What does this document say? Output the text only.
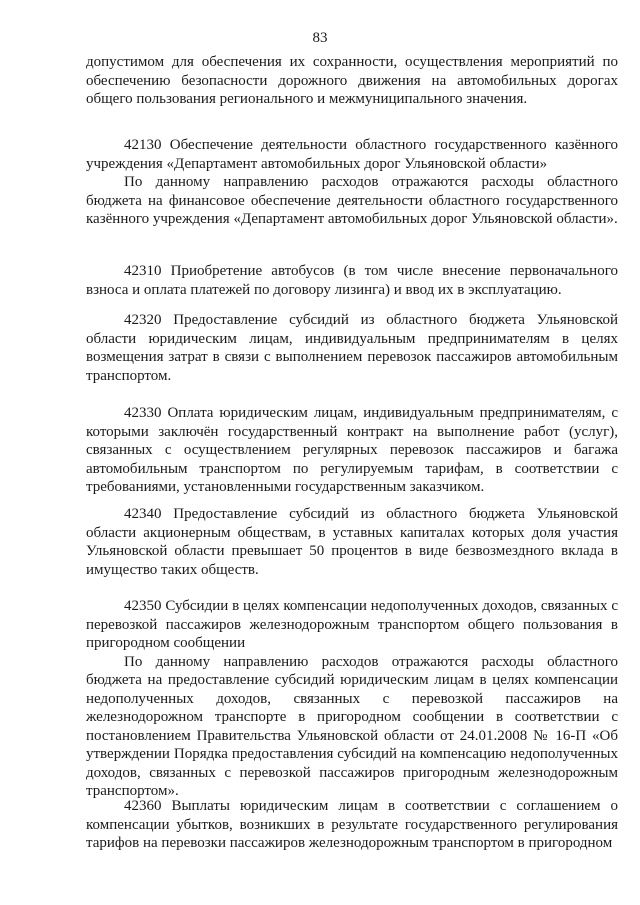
83

допустимом для обеспечения их сохранности, осуществления мероприятий по обеспечению безопасности дорожного движения на автомобильных дорогах общего пользования регионального и межмуниципального значения.

42130 Обеспечение деятельности областного государственного казённого учреждения «Департамент автомобильных дорог Ульяновской области»

По данному направлению расходов отражаются расходы областного бюджета на финансовое обеспечение деятельности областного государственного казённого учреждения «Департамент автомобильных дорог Ульяновской области».

42310 Приобретение автобусов (в том числе внесение первоначального взноса и оплата платежей по договору лизинга) и ввод их в эксплуатацию.

42320 Предоставление субсидий из областного бюджета Ульяновской области юридическим лицам, индивидуальным предпринимателям в целях возмещения затрат в связи с выполнением перевозок пассажиров автомобильным транспортом.

42330 Оплата юридическим лицам, индивидуальным предпринимателям, с которыми заключён государственный контракт на выполнение работ (услуг), связанных с осуществлением регулярных перевозок пассажиров и багажа автомобильным транспортом по регулируемым тарифам, в соответствии с требованиями, установленными государственным заказчиком.

42340 Предоставление субсидий из областного бюджета Ульяновской области акционерным обществам, в уставных капиталах которых доля участия Ульяновской области превышает 50 процентов в виде безвозмездного вклада в имущество таких обществ.

42350 Субсидии в целях компенсации недополученных доходов, связанных с перевозкой пассажиров железнодорожным транспортом общего пользования в пригородном сообщении

По данному направлению расходов отражаются расходы областного бюджета на предоставление субсидий юридическим лицам в целях компенсации недополученных доходов, связанных с перевозкой пассажиров на железнодорожном транспорте в пригородном сообщении в соответствии с постановлением Правительства Ульяновской области от 24.01.2008 № 16-П «Об утверждении Порядка предоставления субсидий на компенсацию недополученных доходов, связанных с перевозкой пассажиров пригородным железнодорожным транспортом».

42360 Выплаты юридическим лицам в соответствии с соглашением о компенсации убытков, возникших в результате государственного регулирования тарифов на перевозки пассажиров железнодорожным транспортом в пригородном
